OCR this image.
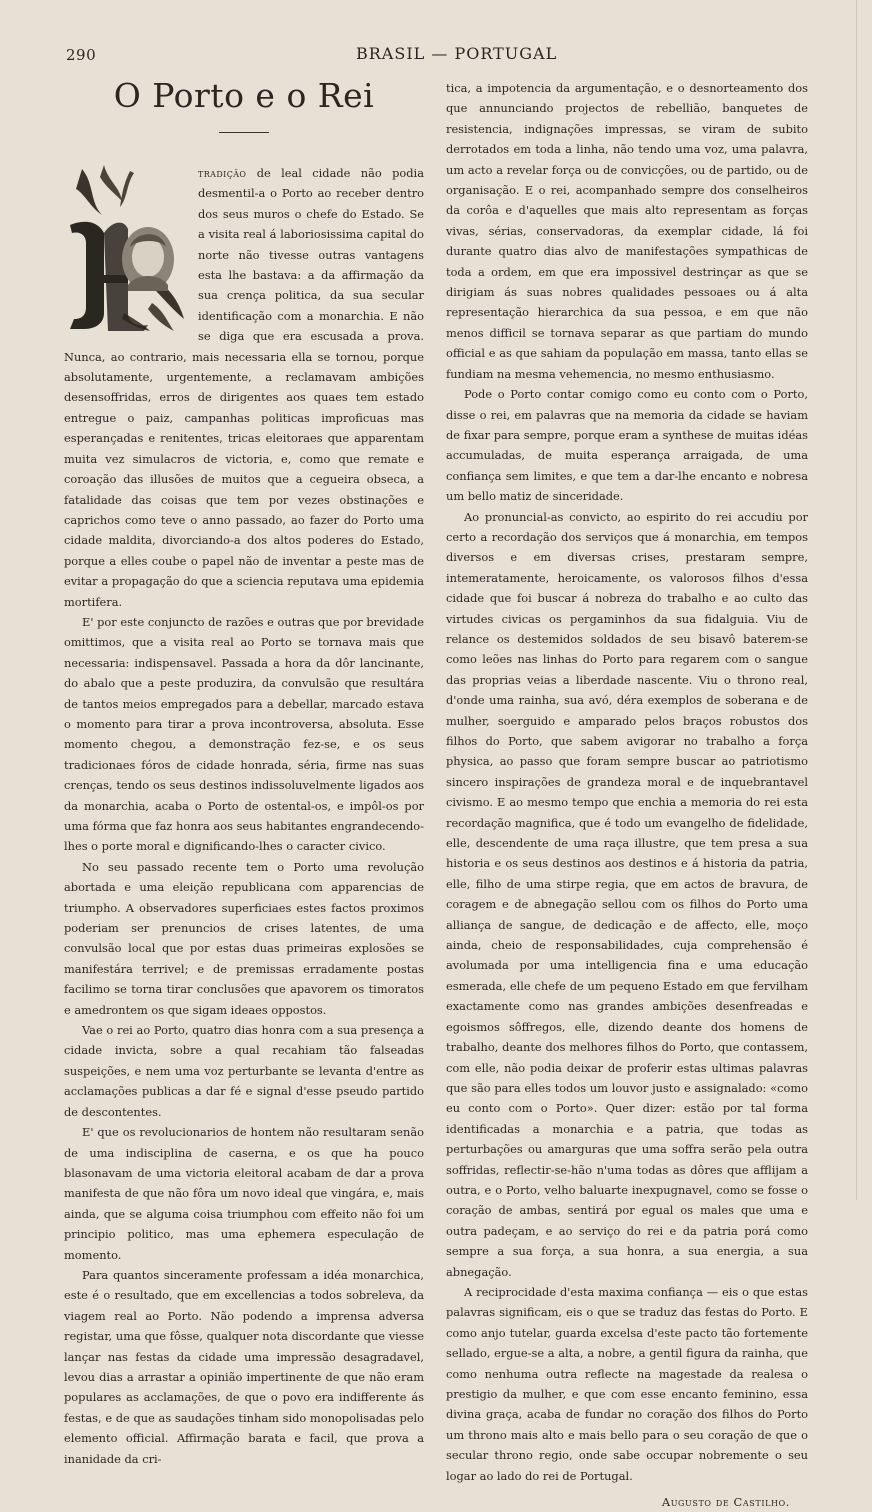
290	BRASIL — PORTUGAL
O Porto e o Rei

tradição de leal cidade não podia desmentil-a o Porto ao receber dentro dos seus muros o chefe do Estado. Se a visita real á laboriosissima capital do norte não tivesse outras vantagens esta lhe bastava: a da affirmação da sua crença politica, da sua secular identificação com a monarchia. E não se diga que era escusada a prova. Nunca, ao contrario, mais necessaria ella se tornou, porque absolutamente, urgentemente, a reclamavam ambições desensoffridas, erros de dirigentes aos quaes tem estado entregue o paiz, campanhas politicas improficuas mas esperançadas e renitentes, tricas eleitoraes que apparentam muita vez simulacros de victoria, e, como que remate e coroação das illusões de muitos que a cegueira obseca, a fatalidade das coisas que tem por vezes obstinações e caprichos como teve o anno passado, ao fazer do Porto uma cidade maldita, divorciando-a dos altos poderes do Estado, porque a elles coube o papel não de inventar a peste mas de evitar a propagação do que a sciencia reputava uma epidemia mortifera.

E' por este conjuncto de razões e outras que por brevidade omittimos, que a visita real ao Porto se tornava mais que necessaria: indispensavel. Passada a hora da dôr lancinante, do abalo que a peste produzira, da convulsão que resultára de tantos meios empregados para a debellar, marcado estava o momento para tirar a prova incontroversa, absoluta. Esse momento chegou, a demonstração fez-se, e os seus tradicionaes fóros de cidade honrada, séria, firme nas suas crenças, tendo os seus destinos indissoluvelmente ligados aos da monarchia, acaba o Porto de ostental-os, e impôl-os por uma fórma que faz honra aos seus habitantes engrandecendo-lhes o porte moral e dignificando-lhes o caracter civico.

No seu passado recente tem o Porto uma revolução abortada e uma eleição republicana com apparencias de triumpho. A observadores superficiaes estes factos proximos poderiam ser prenuncios de crises latentes, de uma convulsão local que por estas duas primeiras explosões se manifestára terrivel; e de premissas erradamente postas facilimo se torna tirar conclusões que apavorem os timoratos e amedrontem os que sigam ideaes oppostos.

Vae o rei ao Porto, quatro dias honra com a sua presença a cidade invicta, sobre a qual recahiam tão falseadas suspeições, e nem uma voz perturbante se levanta d'entre as acclamações publicas a dar fé e signal d'esse pseudo partido de descontentes.

E' que os revolucionarios de hontem não resultaram senão de uma indisciplina de caserna, e os que ha pouco blasonavam de uma victoria eleitoral acabam de dar a prova manifesta de que não fôra um novo ideal que vingára, e, mais ainda, que se alguma coisa triumphou com effeito não foi um principio politico, mas uma ephemera especulação de momento.

Para quantos sinceramente professam a idéa monarchica, este é o resultado, que em excellencias a todos sobreleva, da viagem real ao Porto. Não podendo a imprensa adversa registar, uma que fôsse, qualquer nota discordante que viesse lançar nas festas da cidade uma impressão desagradavel, levou dias a arrastar a opinião impertinente de que não eram populares as acclamações, de que o povo era indifferente ás festas, e de que as saudações tinham sido monopolisadas pelo elemento official. Affirmação barata e facil, que prova a inanidade da cri-

tica, a impotencia da argumentação, e o desnorteamento dos que annunciando projectos de rebellião, banquetes de resistencia, indignações impressas, se viram de subito derrotados em toda a linha, não tendo uma voz, uma palavra, um acto a revelar força ou de convicções, ou de partido, ou de organisação. E o rei, acompanhado sempre dos conselheiros da corôa e d'aquelles que mais alto representam as forças vivas, sérias, conservadoras, da exemplar cidade, lá foi durante quatro dias alvo de manifestações sympathicas de toda a ordem, em que era impossivel destrinçar as que se dirigiam ás suas nobres qualidades pessoaes ou á alta representação hierarchica da sua pessoa, e em que não menos difficil se tornava separar as que partiam do mundo official e as que sahiam da população em massa, tanto ellas se fundiam na mesma vehemencia, no mesmo enthusiasmo.

Pode o Porto contar comigo como eu conto com o Porto, disse o rei, em palavras que na memoria da cidade se haviam de fixar para sempre, porque eram a synthese de muitas idéas accumuladas, de muita esperança arraigada, de uma confiança sem limites, e que tem a dar-lhe encanto e nobresa um bello matiz de sinceridade.

Ao pronuncial-as convicto, ao espirito do rei accudiu por certo a recordação dos serviços que á monarchia, em tempos diversos e em diversas crises, prestaram sempre, intemeratamente, heroicamente, os valorosos filhos d'essa cidade que foi buscar á nobreza do trabalho e ao culto das virtudes civicas os pergaminhos da sua fidalguia. Viu de relance os destemidos soldados de seu bisavô baterem-se como leões nas linhas do Porto para regarem com o sangue das proprias veias a liberdade nascente. Viu o throno real, d'onde uma rainha, sua avó, déra exemplos de soberana e de mulher, soerguido e amparado pelos braços robustos dos filhos do Porto, que sabem avigorar no trabalho a força physica, ao passo que foram sempre buscar ao patriotismo sincero inspirações de grandeza moral e de inquebrantavel civismo. E ao mesmo tempo que enchia a memoria do rei esta recordação magnifica, que é todo um evangelho de fidelidade, elle, descendente de uma raça illustre, que tem presa a sua historia e os seus destinos aos destinos e á historia da patria, elle, filho de uma stirpe regia, que em actos de bravura, de coragem e de abnegação sellou com os filhos do Porto uma alliança de sangue, de dedicação e de affecto, elle, moço ainda, cheio de responsabilidades, cuja comprehensão é avolumada por uma intelligencia fina e uma educação esmerada, elle chefe de um pequeno Estado em que fervilham exactamente como nas grandes ambições desenfreadas e egoismos sôffregos, elle, dizendo deante dos homens de trabalho, deante dos melhores filhos do Porto, que contassem, com elle, não podia deixar de proferir estas ultimas palavras que são para elles todos um louvor justo e assignalado: «como eu conto com o Porto». Quer dizer: estão por tal forma identificadas a monarchia e a patria, que todas as perturbações ou amarguras que uma soffra serão pela outra soffridas, reflectir-se-hão n'uma todas as dôres que afflijam a outra, e o Porto, velho baluarte inexpugnavel, como se fosse o coração de ambas, sentirá por egual os males que uma e outra padeçam, e ao serviço do rei e da patria porá como sempre a sua força, a sua honra, a sua energia, a sua abnegação.

A reciprocidade d'esta maxima confiança — eis o que estas palavras significam, eis o que se traduz das festas do Porto. E como anjo tutelar, guarda excelsa d'este pacto tão fortemente sellado, ergue-se a alta, a nobre, a gentil figura da rainha, que como nenhuma outra reflecte na magestade da realesa o prestigio da mulher, e que com esse encanto feminino, essa divina graça, acaba de fundar no coração dos filhos do Porto um throno mais alto e mais bello para o seu coração de que o secular throno regio, onde sabe occupar nobremente o seu logar ao lado do rei de Portugal.

Augusto de Castilho.
